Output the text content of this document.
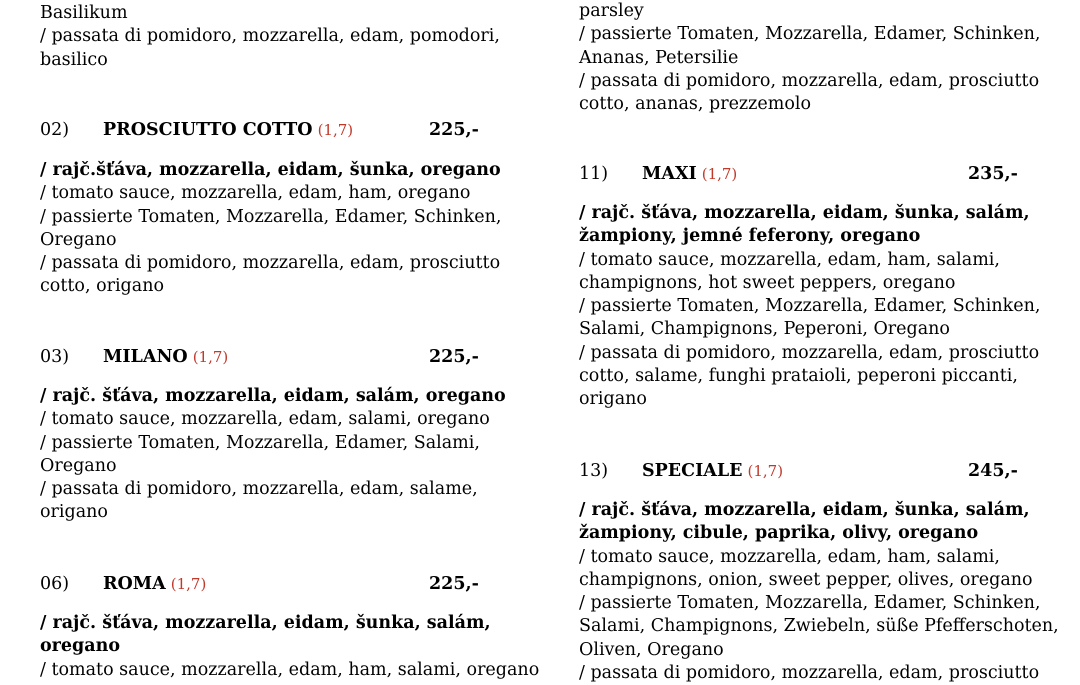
Basilikum
/ passata di pomidoro, mozzarella, edam, pomodori,
basilico
02) PROSCIUTTO COTTO (1,7)	225,-
/ rajč.šťáva, mozzarella, eidam, šunka, oregano
/ tomato sauce, mozzarella, edam, ham, oregano
/ passierte Tomaten, Mozzarella, Edamer, Schinken,
Oregano
/ passata di pomidoro, mozzarella, edam, prosciutto
cotto, origano
03) MILANO (1,7)	225,-
/ rajč. šťáva, mozzarella, eidam, salám, oregano
/ tomato sauce, mozzarella, edam, salami, oregano
/ passierte Tomaten, Mozzarella, Edamer, Salami,
Oregano
/ passata di pomidoro, mozzarella, edam, salame,
origano
06) ROMA (1,7)	225,-
/ rajč. šťáva, mozzarella, eidam, šunka, salám,
oregano
/ tomato sauce, mozzarella, edam, ham, salami, oregano
parsley
/ passierte Tomaten, Mozzarella, Edamer, Schinken,
Ananas, Petersilie
/ passata di pomidoro, mozzarella, edam, prosciutto
cotto, ananas, prezzemolo
11) MAXI (1,7)	235,-
/ rajč. šťáva, mozzarella, eidam, šunka, salám,
žampiony, jemné feferony, oregano
/ tomato sauce, mozzarella, edam, ham, salami,
champignons, hot sweet peppers, oregano
/ passierte Tomaten, Mozzarella, Edamer, Schinken,
Salami, Champignons, Peperoni, Oregano
/ passata di pomidoro, mozzarella, edam, prosciutto
cotto, salame, funghi prataioli, peperoni piccanti,
origano
13) SPECIALE (1,7)	245,-
/ rajč. šťáva, mozzarella, eidam, šunka, salám,
žampiony, cibule, paprika, olivy, oregano
/ tomato sauce, mozzarella, edam, ham, salami,
champignons, onion, sweet pepper, olives, oregano
/ passierte Tomaten, Mozzarella, Edamer, Schinken,
Salami, Champignons, Zwiebeln, süße Pfefferschoten,
Oliven, Oregano
/ passata di pomidoro, mozzarella, edam, prosciutto
